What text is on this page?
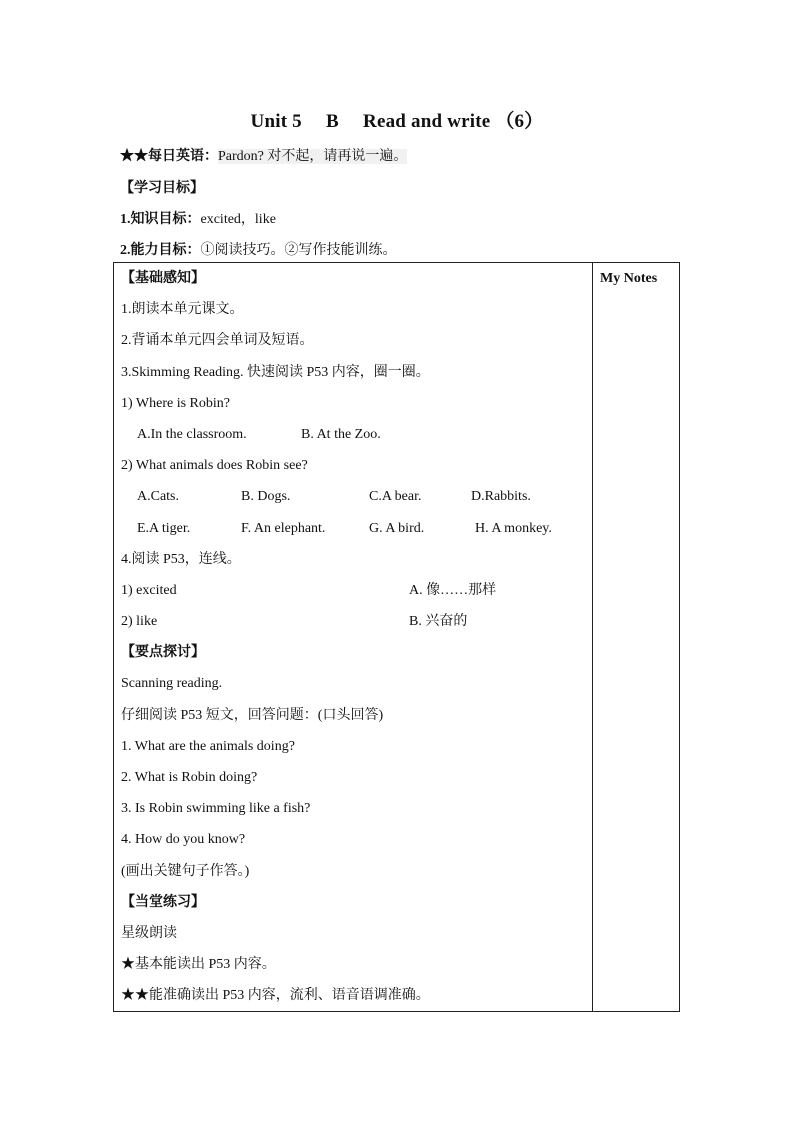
Unit 5 　B 　Read and write （6）
★★每日英语：Pardon? 对不起，请再说一遍。
【学习目标】
1.知识目标：excited，like
2.能力目标：①阅读技巧。②写作技能训练。
My Notes
【基础感知】
1.朗读本单元课文。
2.背诵本单元四会单词及短语。
3.Skimming Reading. 快速阅读 P53 内容，圈一圈。
1) Where is Robin?
A.In the classroom.	B. At the Zoo.
2) What animals does Robin see?
A.Cats.	B. Dogs.	C.A bear.	D.Rabbits.
E.A tiger.	F. An elephant.	G. A bird.	H. A monkey.
4.阅读 P53，连线。
1) excited	A. 像……那样
2) like	B. 兴奋的
【要点探讨】
Scanning reading.
仔细阅读 P53 短文，回答问题：(口头回答)
1. What are the animals doing?
2. What is Robin doing?
3. Is Robin swimming like a fish?
4. How do you know?
(画出关键句子作答。)
【当堂练习】
星级朗读
★基本能读出 P53 内容。
★★能准确读出 P53 内容，流利、语音语调准确。
